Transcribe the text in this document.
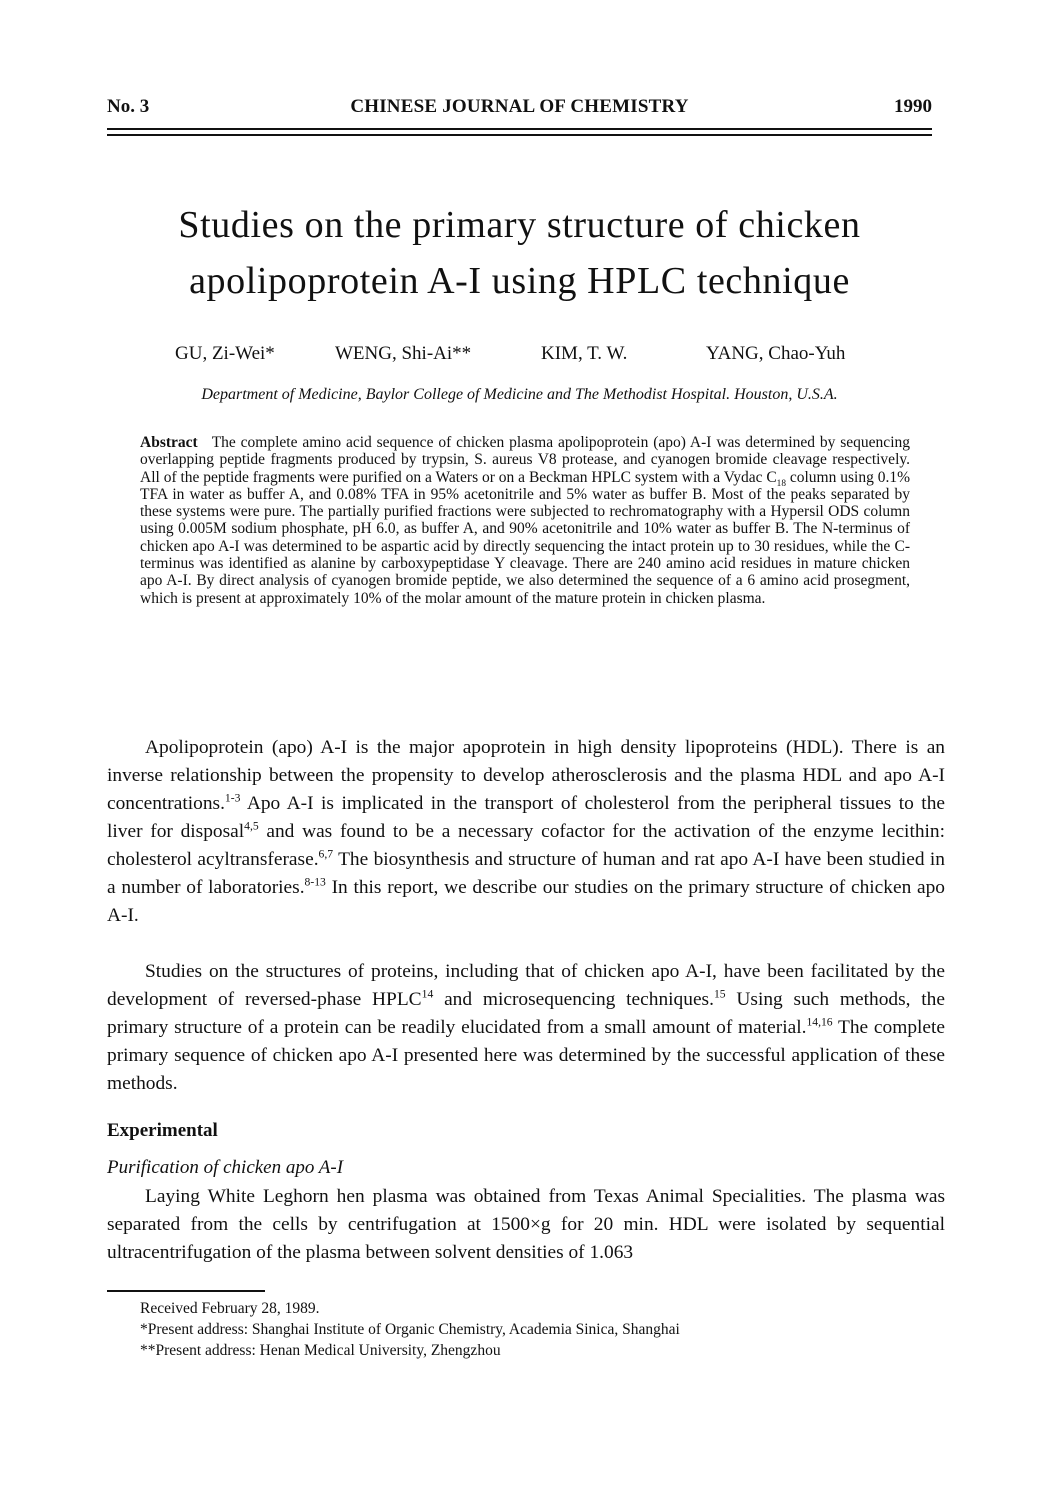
No. 3	CHINESE JOURNAL OF CHEMISTRY	1990
Studies on the primary structure of chicken
apolipoprotein A-I using HPLC technique
GU, Zi-Wei*	WENG, Shi-Ai**	KIM, T. W.	YANG, Chao-Yuh
Department of Medicine, Baylor College of Medicine and The Methodist Hospital. Houston, U.S.A.
Abstract The complete amino acid sequence of chicken plasma apolipoprotein (apo) A-I was determined by sequencing overlapping peptide fragments produced by trypsin, S. aureus V8 protease, and cyanogen bromide cleavage respectively. All of the peptide fragments were purified on a Waters or on a Beckman HPLC system with a Vydac $C_{18}$ column using 0.1% TFA in water as buffer A, and 0.08% TFA in 95% acetonitrile and 5% water as buffer B. Most of the peaks separated by these systems were pure. The partially purified fractions were subjected to rechromatography with a Hypersil ODS column using 0.005M sodium phosphate, pH 6.0, as buffer A, and 90% acetonitrile and 10% water as buffer B. The N-terminus of chicken apo A-I was determined to be aspartic acid by directly sequencing the intact protein up to 30 residues, while the C-terminus was identified as alanine by carboxypeptidase Y cleavage. There are 240 amino acid residues in mature chicken apo A-I. By direct analysis of cyanogen bromide peptide, we also determined the sequence of a 6 amino acid prosegment, which is present at approximately 10% of the molar amount of the mature protein in chicken plasma.

Apolipoprotein (apo) A-I is the major apoprotein in high density lipoproteins (HDL). There is an inverse relationship between the propensity to develop atherosclerosis and the plasma HDL and apo A-I concentrations.$^{1-3}$ Apo A-I is implicated in the transport of cholesterol from the peripheral tissues to the liver for disposal$^{4,5}$ and was found to be a necessary cofactor for the activation of the enzyme lecithin: cholesterol acyltransferase.$^{6,7}$ The biosynthesis and structure of human and rat apo A-I have been studied in a number of laboratories.$^{8-13}$ In this report, we describe our studies on the primary structure of chicken apo A-I.

Studies on the structures of proteins, including that of chicken apo A-I, have been facilitated by the development of reversed-phase HPLC$^{14}$ and microsequencing techniques.$^{15}$ Using such methods, the primary structure of a protein can be readily elucidated from a small amount of material.$^{14,16}$ The complete primary sequence of chicken apo A-I presented here was determined by the successful application of these methods.

Experimental
Purification of chicken apo A-I

Laying White Leghorn hen plasma was obtained from Texas Animal Specialities. The plasma was separated from the cells by centrifugation at 1500×g for 20 min. HDL were isolated by sequential ultracentrifugation of the plasma between solvent densities of 1.063

Received February 28, 1989.
*Present address: Shanghai Institute of Organic Chemistry, Academia Sinica, Shanghai
**Present address: Henan Medical University, Zhengzhou
